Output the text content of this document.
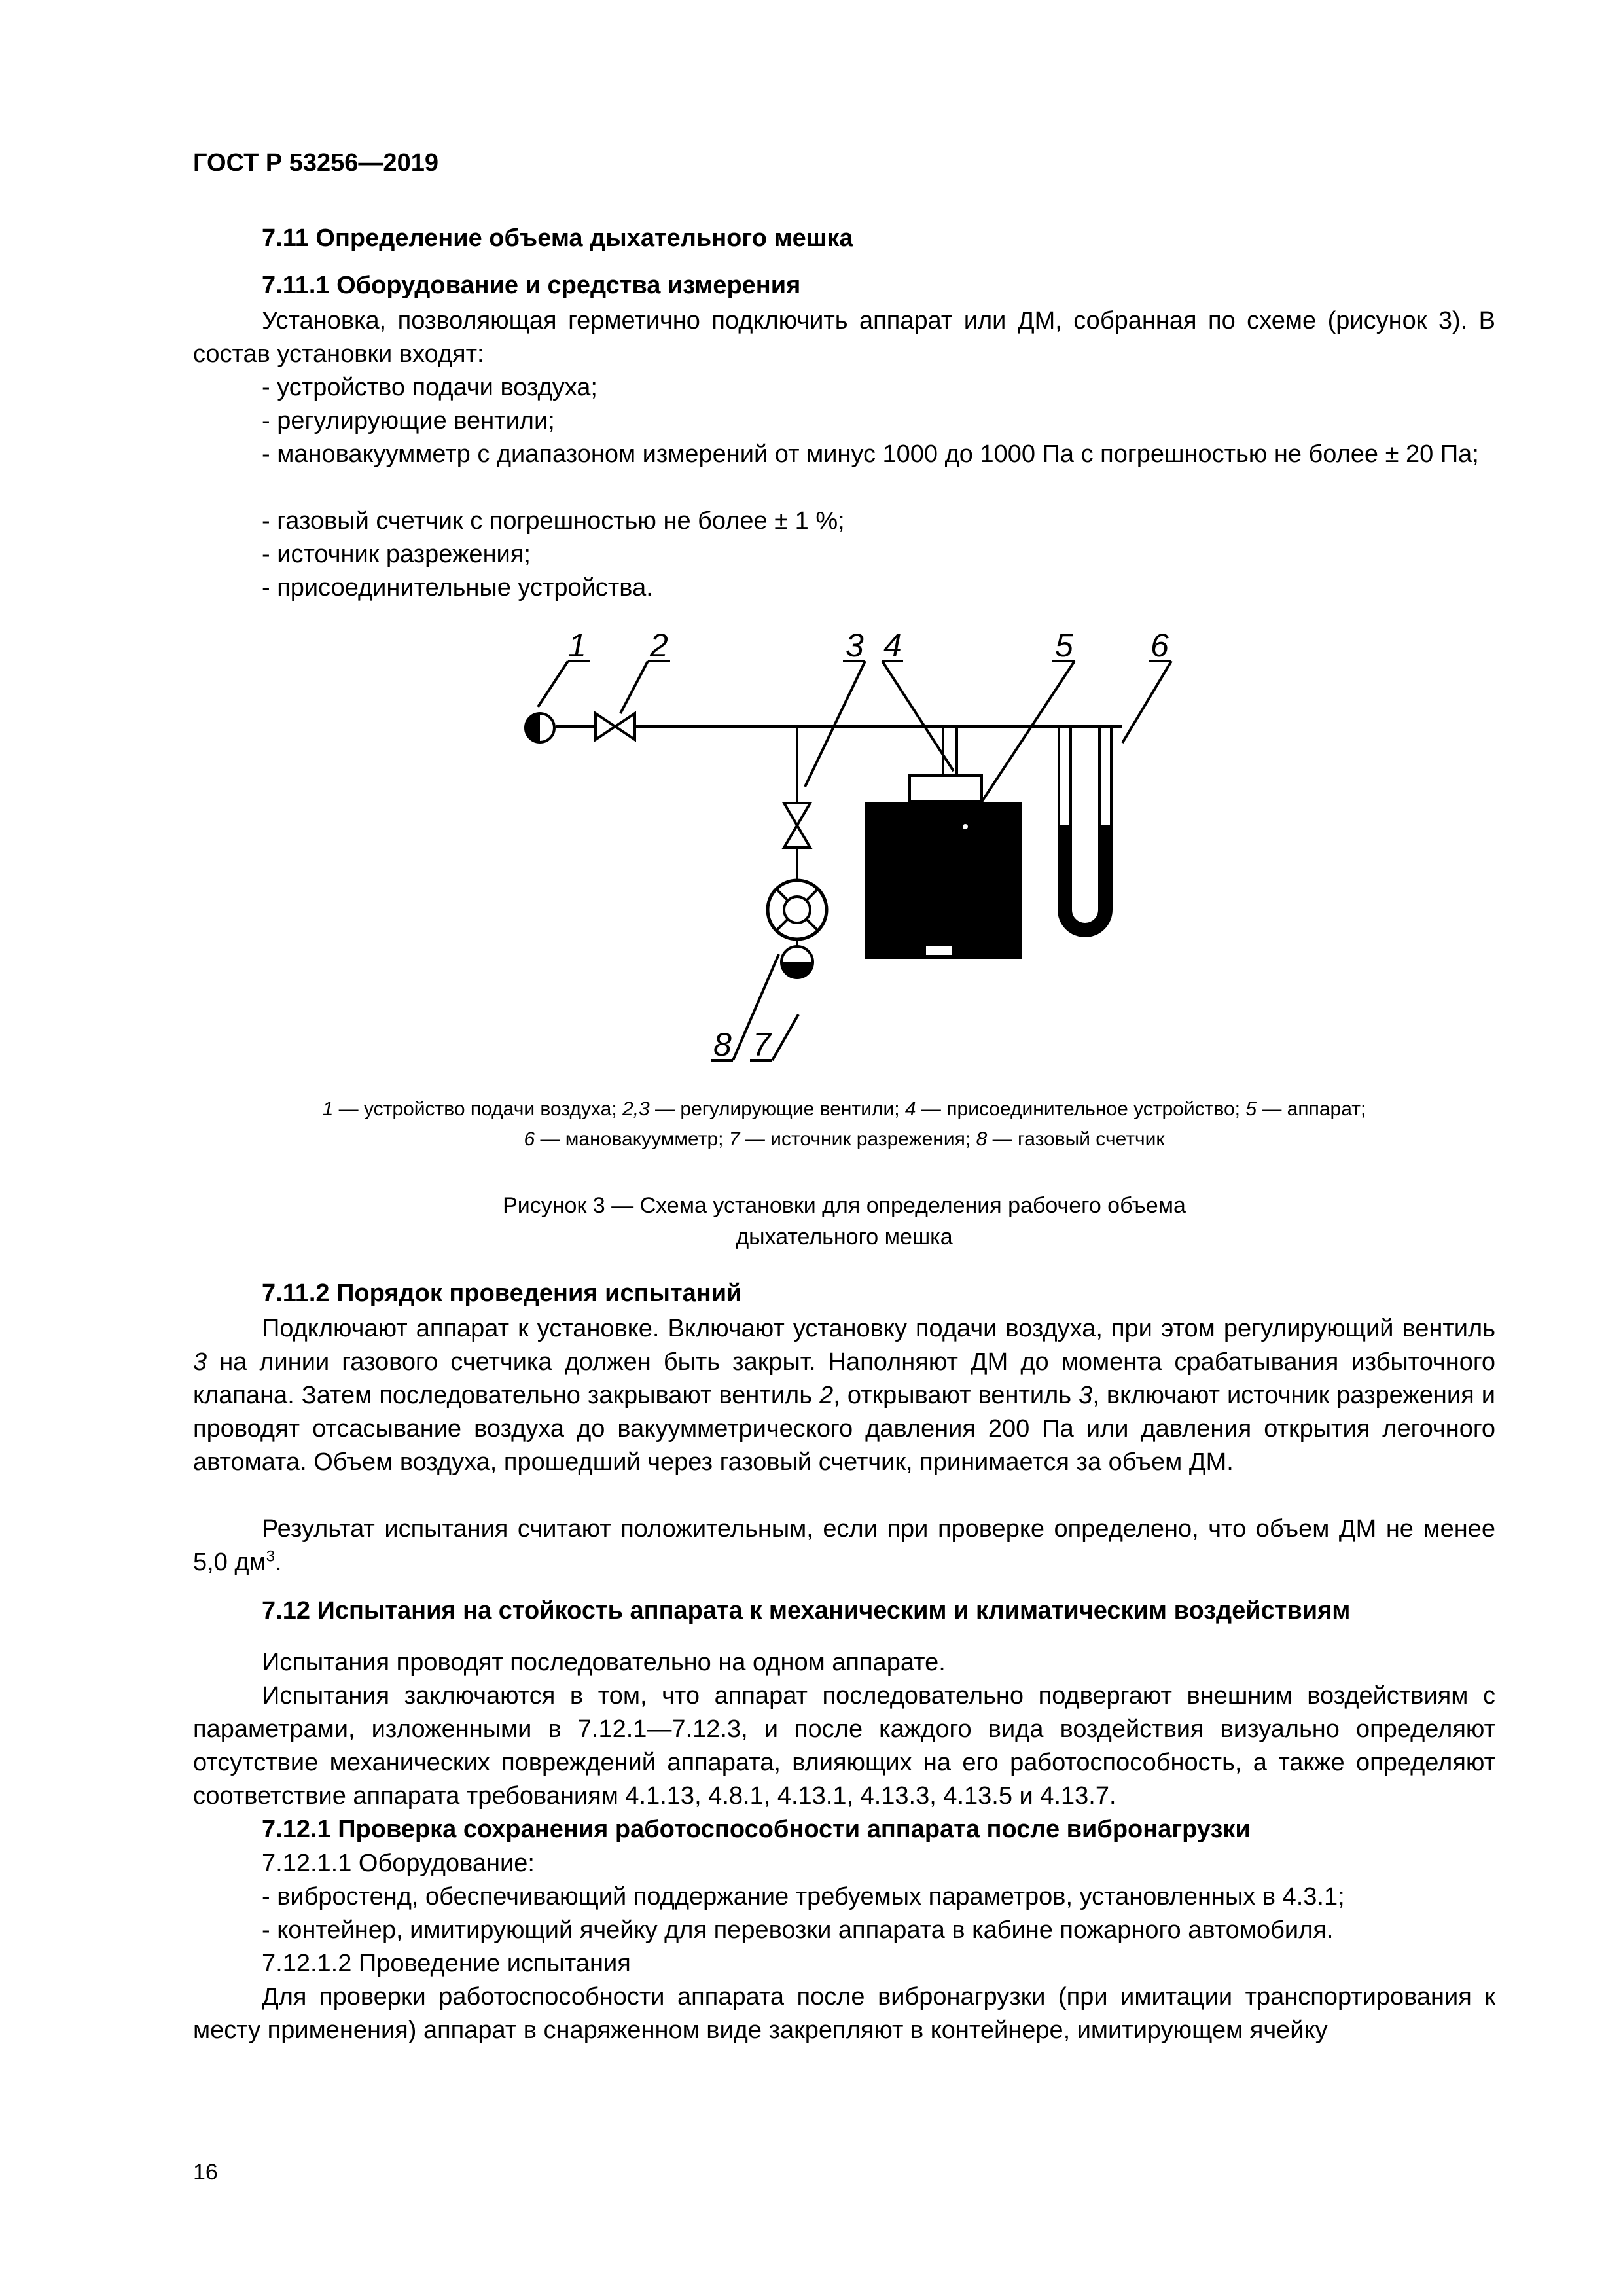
ГОСТ Р 53256—2019
7.11 Определение объема дыхательного мешка
7.11.1 Оборудование и средства измерения
Установка, позволяющая герметично подключить аппарат или ДМ, собранная по схеме (рисунок 3). В состав установки входят:
- устройство подачи воздуха;
- регулирующие вентили;
- мановакуумметр с диапазоном измерений от минус 1000 до 1000 Па с погрешностью не более ± 20 Па;
- газовый счетчик с погрешностью не более ± 1 %;
- источник разрежения;
- присоединительные устройства.
1 2	3 4	5 6
8 7
1 — устройство подачи воздуха; 2,3 — регулирующие вентили; 4 — присоединительное устройство; 5 — аппарат;
6 — мановакуумметр; 7 — источник разрежения; 8 — газовый счетчик
Рисунок 3 — Схема установки для определения рабочего объема
дыхательного мешка
7.11.2 Порядок проведения испытаний
Подключают аппарат к установке. Включают установку подачи воздуха, при этом регулирующий вентиль 3 на линии газового счетчика должен быть закрыт. Наполняют ДМ до момента срабатывания избыточного клапана. Затем последовательно закрывают вентиль 2, открывают вентиль 3, включают источник разрежения и проводят отсасывание воздуха до вакуумметрического давления 200 Па или давления открытия легочного автомата. Объем воздуха, прошедший через газовый счетчик, принимается за объем ДМ.
Результат испытания считают положительным, если при проверке определено, что объем ДМ не менее 5,0 $дм^3$.
7.12 Испытания на стойкость аппарата к механическим и климатическим воздействиям
Испытания проводят последовательно на одном аппарате.
Испытания заключаются в том, что аппарат последовательно подвергают внешним воздействиям с параметрами, изложенными в 7.12.1—7.12.3, и после каждого вида воздействия визуально определяют отсутствие механических повреждений аппарата, влияющих на его работоспособность, а также определяют соответствие аппарата требованиям 4.1.13, 4.8.1, 4.13.1, 4.13.3, 4.13.5 и 4.13.7.
7.12.1 Проверка сохранения работоспособности аппарата после вибронагрузки
7.12.1.1 Оборудование:
- вибростенд, обеспечивающий поддержание требуемых параметров, установленных в 4.3.1;
- контейнер, имитирующий ячейку для перевозки аппарата в кабине пожарного автомобиля.
7.12.1.2 Проведение испытания
Для проверки работоспособности аппарата после вибронагрузки (при имитации транспортирования к месту применения) аппарат в снаряженном виде закрепляют в контейнере, имитирующем ячейку
16
